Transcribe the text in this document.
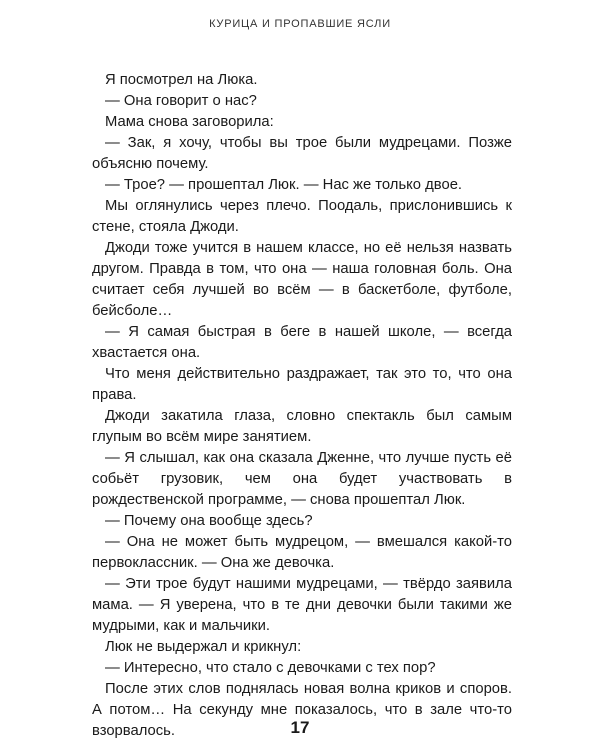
КУРИЦА И ПРОПАВШИЕ ЯСЛИ

Я посмотрел на Люка.

— Она говорит о нас?

Мама снова заговорила:

— Зак, я хочу, чтобы вы трое были мудрецами. Позже объясню почему.

— Трое? — прошептал Люк. — Нас же только двое.

Мы оглянулись через плечо. Поодаль, прислонившись к стене, стояла Джоди.

Джоди тоже учится в нашем классе, но её нельзя назвать другом. Правда в том, что она — наша головная боль. Она считает себя лучшей во всём — в баскетболе, футболе, бейсболе…

— Я самая быстрая в беге в нашей школе, — всегда хвастается она.

Что меня действительно раздражает, так это то, что она права.

Джоди закатила глаза, словно спектакль был самым глупым во всём мире занятием.

— Я слышал, как она сказала Дженне, что лучше пусть её собьёт грузовик, чем она будет участвовать в рождественской программе, — снова прошептал Люк.

— Почему она вообще здесь?

— Она не может быть мудрецом, — вмешался какой-то первоклассник. — Она же девочка.

— Эти трое будут нашими мудрецами, — твёрдо заявила мама. — Я уверена, что в те дни девочки были такими же мудрыми, как и мальчики.

Люк не выдержал и крикнул:

— Интересно, что стало с девочками с тех пор?

После этих слов поднялась новая волна криков и споров. А потом… На секунду мне показалось, что в зале что-то взорвалось.	17
